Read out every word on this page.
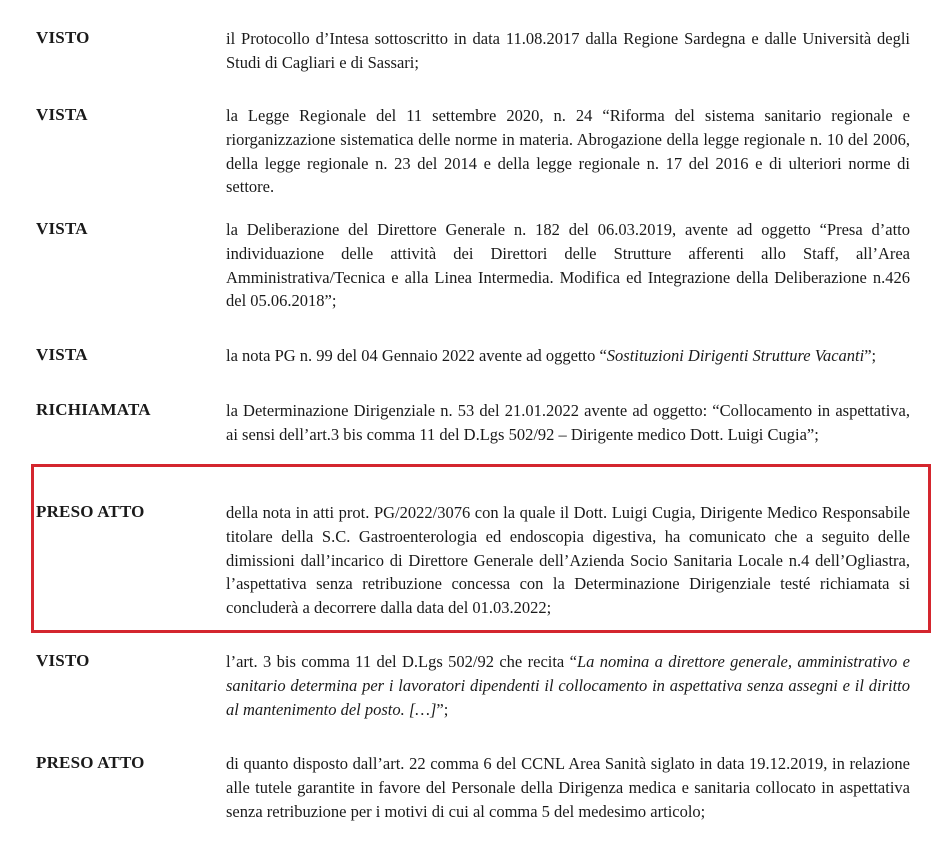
VISTO	il Protocollo d’Intesa sottoscritto in data 11.08.2017 dalla Regione Sardegna e dalle Università degli Studi di Cagliari e di Sassari;
VISTA	la Legge Regionale del 11 settembre 2020, n. 24 “Riforma del sistema sanitario regionale e riorganizzazione sistematica delle norme in materia. Abrogazione della legge regionale n. 10 del 2006, della legge regionale n. 23 del 2014 e della legge regionale n. 17 del 2016 e di ulteriori norme di settore.
VISTA	la Deliberazione del Direttore Generale n. 182 del 06.03.2019, avente ad oggetto “Presa d’atto individuazione delle attività dei Direttori delle Strutture afferenti allo Staff, all’Area Amministrativa/Tecnica e alla Linea Intermedia. Modifica ed Integrazione della Deliberazione n.426 del 05.06.2018”;
VISTA	la nota PG n. 99 del 04 Gennaio 2022 avente ad oggetto “Sostituzioni Dirigenti Strutture Vacanti”;
RICHIAMATA	la Determinazione Dirigenziale n. 53 del 21.01.2022 avente ad oggetto: “Collocamento in aspettativa, ai sensi dell’art.3 bis comma 11 del D.Lgs 502/92 – Dirigente medico Dott. Luigi Cugia”;
PRESO ATTO	della nota in atti prot. PG/2022/3076 con la quale il Dott. Luigi Cugia, Dirigente Medico Responsabile titolare della S.C. Gastroenterologia ed endoscopia digestiva, ha comunicato che a seguito delle dimissioni dall’incarico di Direttore Generale dell’Azienda Socio Sanitaria Locale n.4 dell’Ogliastra, l’aspettativa senza retribuzione concessa con la Determinazione Dirigenziale testé richiamata si concluderà a decorrere dalla data del 01.03.2022;
VISTO	l’art. 3 bis comma 11 del D.Lgs 502/92 che recita “La nomina a direttore generale, amministrativo e sanitario determina per i lavoratori dipendenti il collocamento in aspettativa senza assegni e il diritto al mantenimento del posto. […]”;
PRESO ATTO	di quanto disposto dall’art. 22 comma 6 del CCNL Area Sanità siglato in data 19.12.2019, in relazione alle tutele garantite in favore del Personale della Dirigenza medica e sanitaria collocato in aspettativa senza retribuzione per i motivi di cui al comma 5 del medesimo articolo;
